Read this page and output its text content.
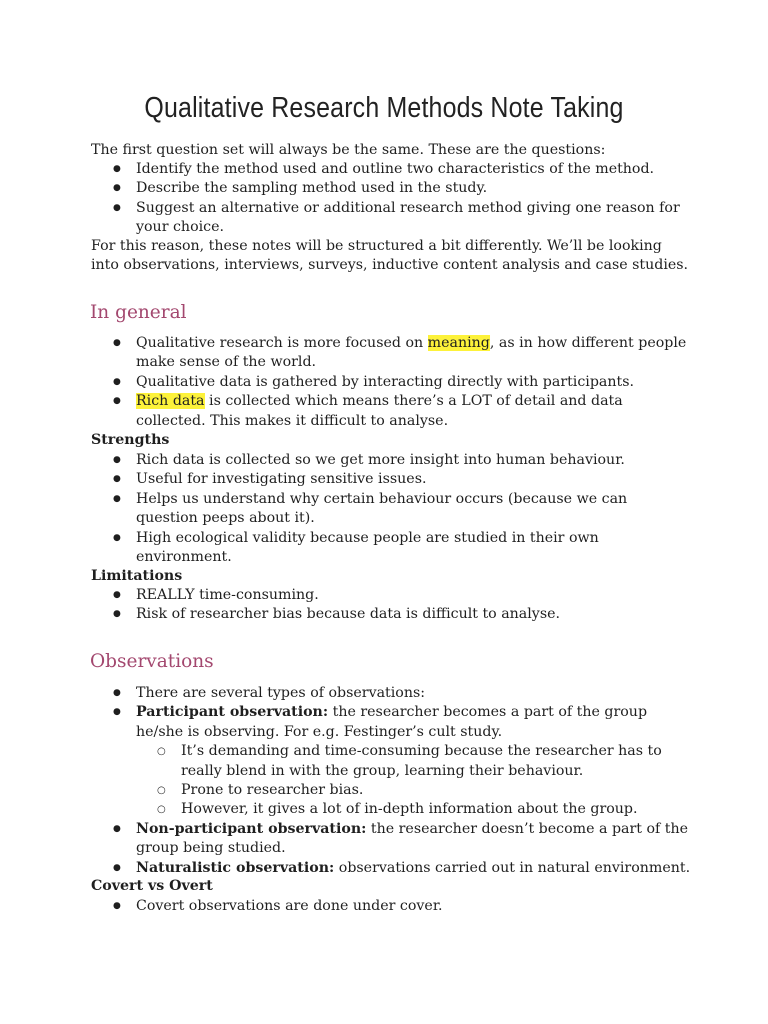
Qualitative Research Methods Note Taking

The first question set will always be the same. These are the questions:

● Identify the method used and outline two characteristics of the method.
● Describe the sampling method used in the study.
● Suggest an alternative or additional research method giving one reason for your choice.

For this reason, these notes will be structured a bit differently. We’ll be looking into observations, interviews, surveys, inductive content analysis and case studies.

In general
● Qualitative research is more focused on meaning, as in how different people make sense of the world.
● Qualitative data is gathered by interacting directly with participants.
● Rich data is collected which means there’s a LOT of detail and data collected. This makes it difficult to analyse.

Strengths

● Rich data is collected so we get more insight into human behaviour.
● Useful for investigating sensitive issues.
● Helps us understand why certain behaviour occurs (because we can question peeps about it).
● High ecological validity because people are studied in their own environment.

Limitations

● REALLY time-consuming.
● Risk of researcher bias because data is difficult to analyse.
Observations
● There are several types of observations:
● Participant observation: the researcher becomes a part of the group he/she is observing. For e.g. Festinger’s cult study.
○ It’s demanding and time-consuming because the researcher has to really blend in with the group, learning their behaviour.
○ Prone to researcher bias.
○ However, it gives a lot of in-depth information about the group.
● Non-participant observation: the researcher doesn’t become a part of the group being studied.
● Naturalistic observation: observations carried out in natural environment.

Covert vs Overt

● Covert observations are done under cover.
